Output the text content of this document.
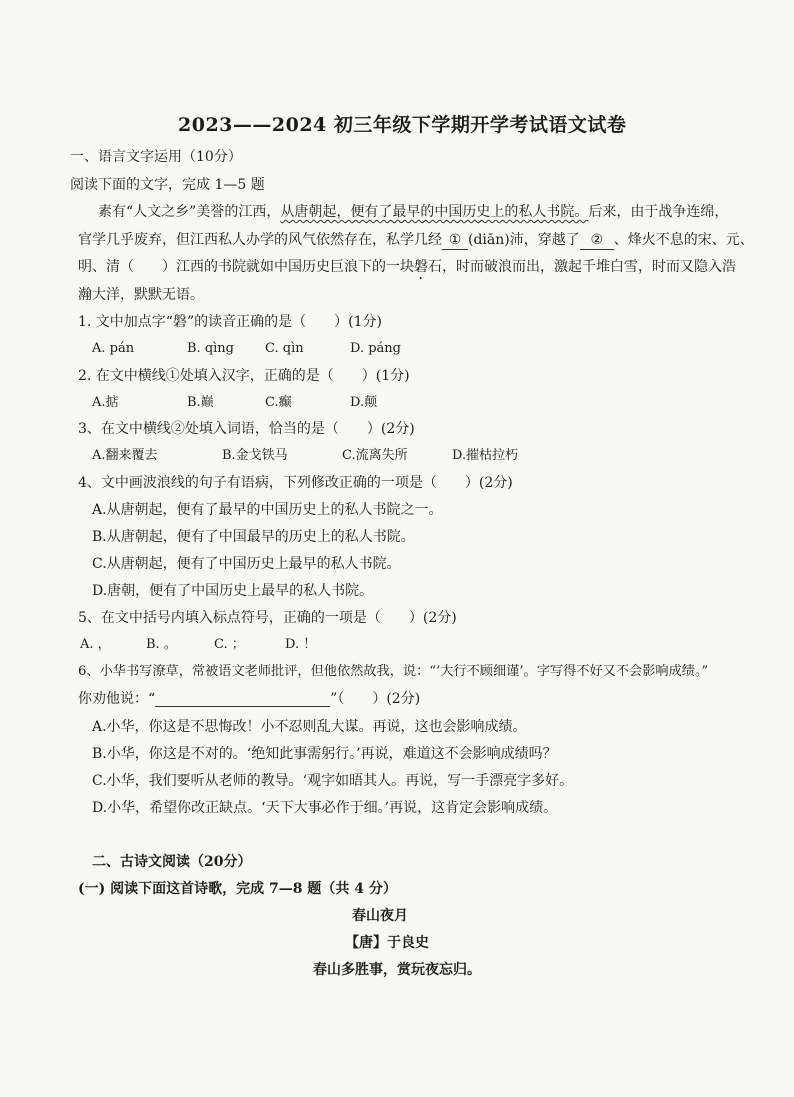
2023——2024 初三年级下学期开学考试语文试卷
一、语言文字运用（10分）
阅读下面的文字，完成 1—5 题
素有“人文之乡”美誉的江西，从唐朝起，便有了最早的中国历史上的私人书院。后来，由于战争连绵，
官学几乎废弃，但江西私人办学的风气依然存在，私学几经 ① (diān)沛，穿越了 ② 、烽火不息的宋、元、
明、清（　　）江西的书院就如中国历史巨浪下的一块磐石，时而破浪而出，激起千堆白雪，时而又隐入浩
瀚大洋，默默无语。
1. 文中加点字“磐”的读音正确的是（　　）(1分)
A. pán	B. qìng C. qìn	D. páng
2. 在文中横线①处填入汉字，正确的是（　　）(1分)
A.掂	B.巅	C.癫	D.颠
3、在文中横线②处填入词语，恰当的是（　　）(2分)
A.翻来覆去	B.金戈铁马	C.流离失所	D.摧枯拉朽
4、文中画波浪线的句子有语病，下列修改正确的一项是（　　）(2分)
A.从唐朝起，便有了最早的中国历史上的私人书院之一。
B.从唐朝起，便有了中国最早的历史上的私人书院。
C.从唐朝起，便有了中国历史上最早的私人书院。
D.唐朝，便有了中国历史上最早的私人书院。
5、在文中括号内填入标点符号，正确的一项是（　　）(2分)
A. ，	B. 。	C. ；	D. ！
6、小华书写潦草，常被语文老师批评，但他依然故我，说：“‘大行不顾细谨’。字写得不好又不会影响成绩。”
你劝他说：“	”（　　）(2分)
A.小华，你这是不思悔改！小不忍则乱大谋。再说，这也会影响成绩。
B.小华，你这是不对的。‘绝知此事需躬行。’再说，难道这不会影响成绩吗？
C.小华，我们要听从老师的教导。‘观字如晤其人。再说，写一手漂亮字多好。
D.小华，希望你改正缺点。‘天下大事必作于细。’再说，这肯定会影响成绩。
二、古诗文阅读（20分）
(一) 阅读下面这首诗歌，完成 7—8 题（共 4 分）
春山夜月
【唐】于良史
春山多胜事，赏玩夜忘归。
